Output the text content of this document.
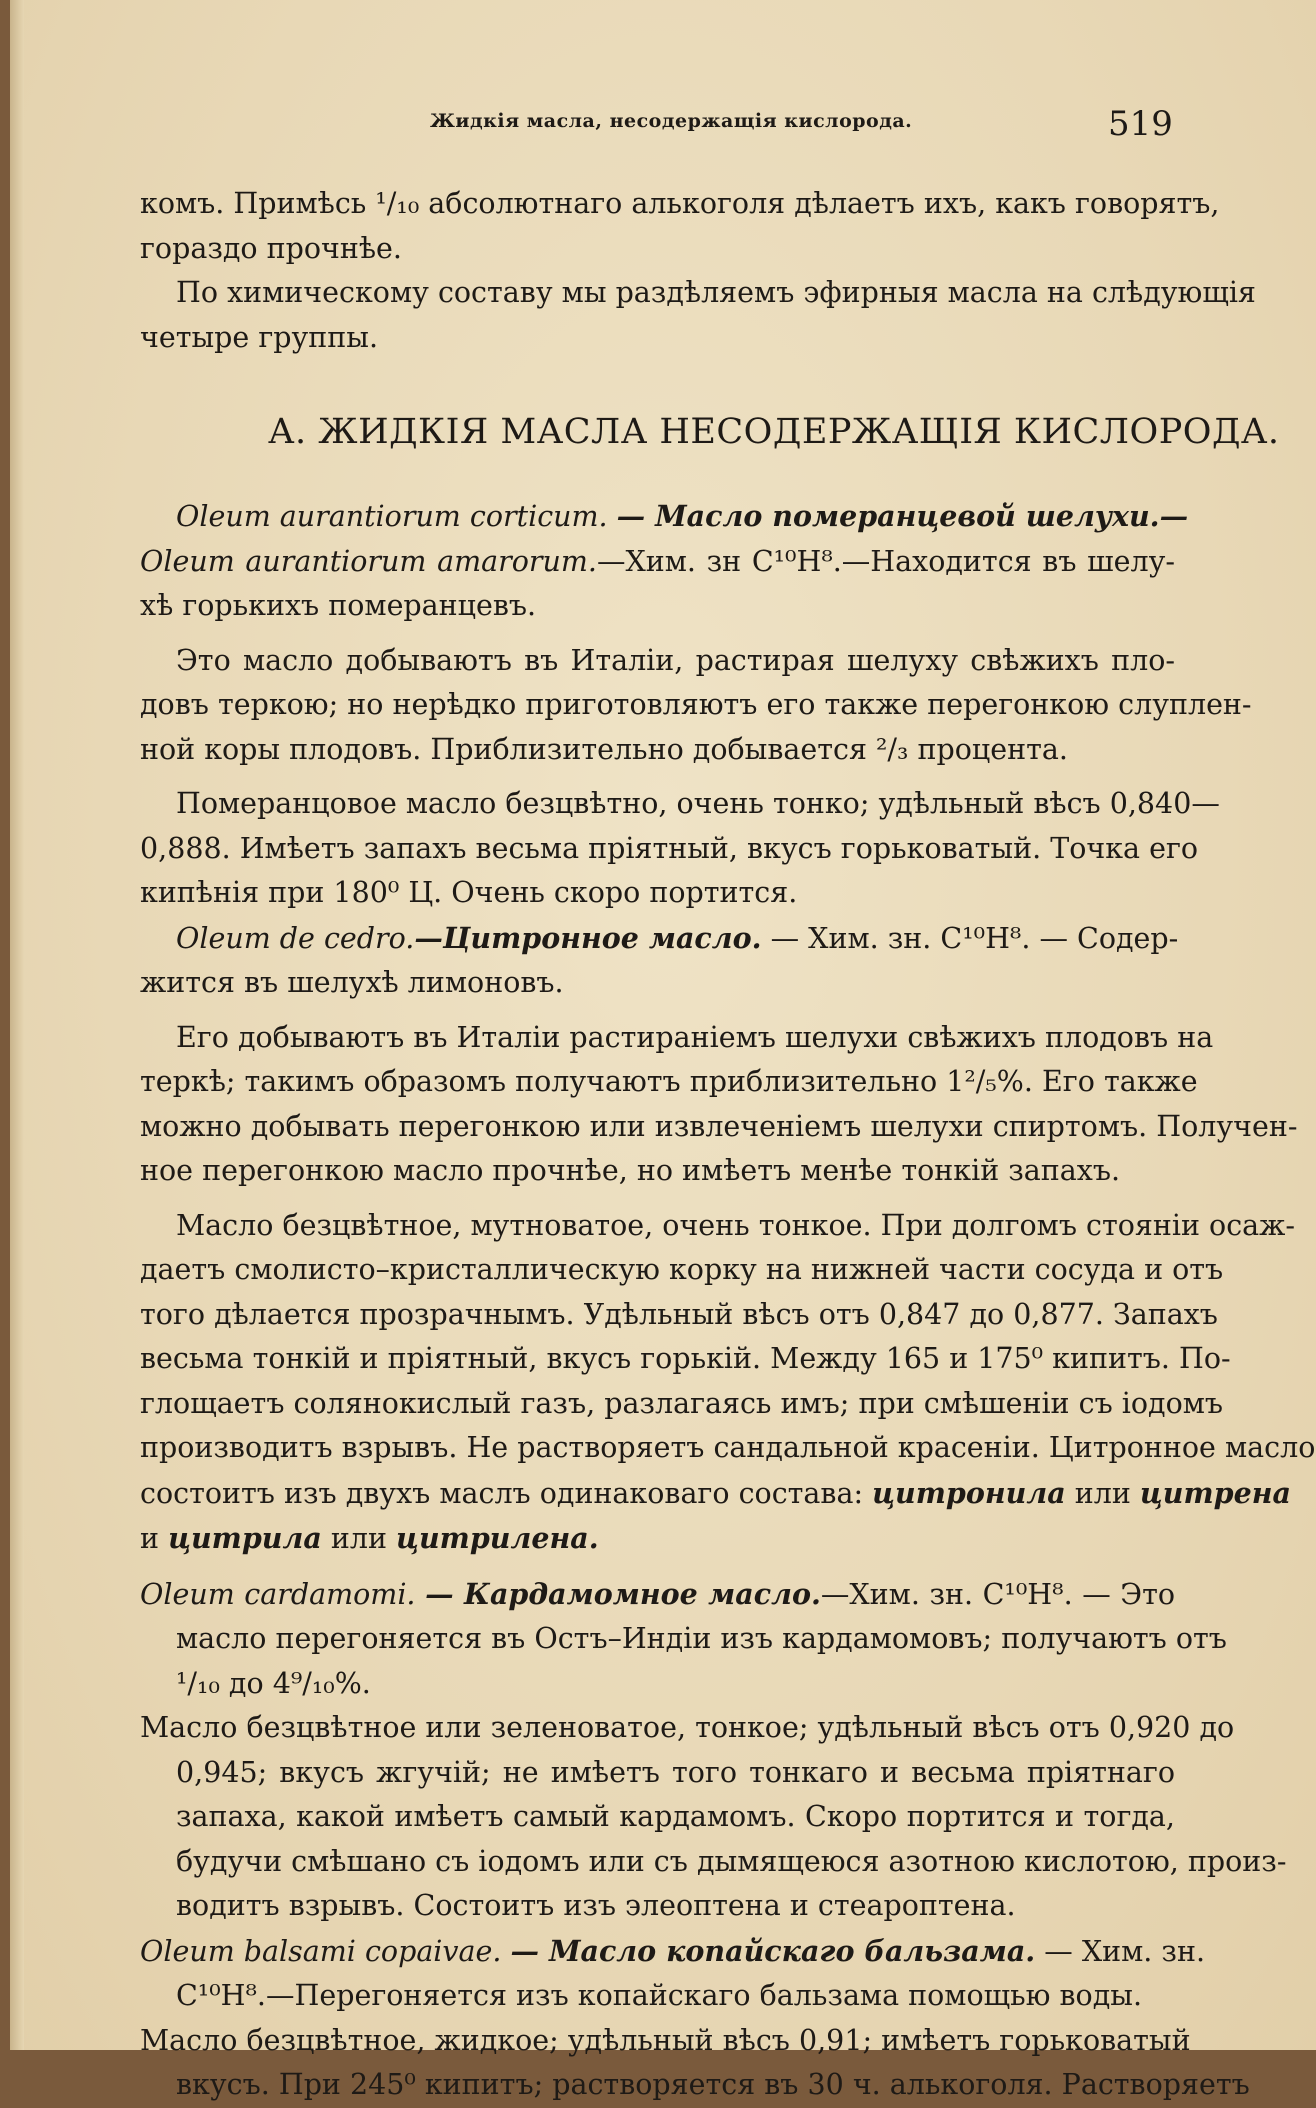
Жидкія масла, несодержащія кислорода.	519
комъ. Примѣсь ¹/₁₀ абсолютнаго алькоголя дѣлаетъ ихъ, какъ говорятъ,
гораздо прочнѣе.
По химическому составу мы раздѣляемъ эфирныя масла на слѣдующія
четыре группы.
А. ЖИДКІЯ МАСЛА НЕСОДЕРЖАЩІЯ КИСЛОРОДА.
Oleum aurantiorum corticum. — Масло померанцевой шелухи.—
Oleum aurantiorum amarorum.—Хим. зн C¹⁰H⁸.—Находится въ шелу-
хѣ горькихъ померанцевъ.
Это масло добываютъ въ Италіи, растирая шелуху свѣжихъ пло-
довъ теркою; но нерѣдко приготовляютъ его также перегонкою слуплен-
ной коры плодовъ. Приблизительно добывается ²/₃ процента.
Померанцовое масло безцвѣтно, очень тонко; удѣльный вѣсъ 0,840—
0,888. Имѣетъ запахъ весьма пріятный, вкусъ горьковатый. Точка его
кипѣнія при 180⁰ Ц. Очень скоро портится.
Oleum de cedro.—Цитронное масло. — Хим. зн. C¹⁰H⁸. — Содер-
жится въ шелухѣ лимоновъ.
Его добываютъ въ Италіи растираніемъ шелухи свѣжихъ плодовъ на
теркѣ; такимъ образомъ получаютъ приблизительно 1²/₅%. Его также
можно добывать перегонкою или извлеченіемъ шелухи спиртомъ. Получен-
ное перегонкою масло прочнѣе, но имѣетъ менѣе тонкій запахъ.
Масло безцвѣтное, мутноватое, очень тонкое. При долгомъ стояніи осаж-
даетъ смолисто–кристаллическую корку на нижней части сосуда и отъ
того дѣлается прозрачнымъ. Удѣльный вѣсъ отъ 0,847 до 0,877. Запахъ
весьма тонкій и пріятный, вкусъ горькій. Между 165 и 175⁰ кипитъ. По-
глощаетъ солянокислый газъ, разлагаясь имъ; при смѣшеніи съ іодомъ
производитъ взрывъ. Не растворяетъ сандальной красеніи. Цитронное масло
состоитъ изъ двухъ маслъ одинаковаго состава: цитронила или цитрена
и цитрила или цитрилена.
Oleum cardamomi. — Кардамомное масло.—Хим. зн. C¹⁰H⁸. — Это
масло перегоняется въ Остъ–Индіи изъ кардамомовъ; получаютъ отъ
¹/₁₀ до 4⁹/₁₀%.
Масло безцвѣтное или зеленоватое, тонкое; удѣльный вѣсъ отъ 0,920 до
0,945; вкусъ жгучій; не имѣетъ того тонкаго и весьма пріятнаго
запаха, какой имѣетъ самый кардамомъ. Скоро портится и тогда,
будучи смѣшано съ іодомъ или съ дымящеюся азотною кислотою, произ-
водитъ взрывъ. Состоитъ изъ элеоптена и стеароптена.
Oleum balsami copaivae. — Масло копайскаго бальзама. — Хим. зн.
C¹⁰H⁸.—Перегоняется изъ копайскаго бальзама помощью воды.
Масло безцвѣтное, жидкое; удѣльный вѣсъ 0,91; имѣетъ горьковатый
вкусъ. При 245⁰ кипитъ; растворяется въ 30 ч. алькоголя. Растворяетъ
